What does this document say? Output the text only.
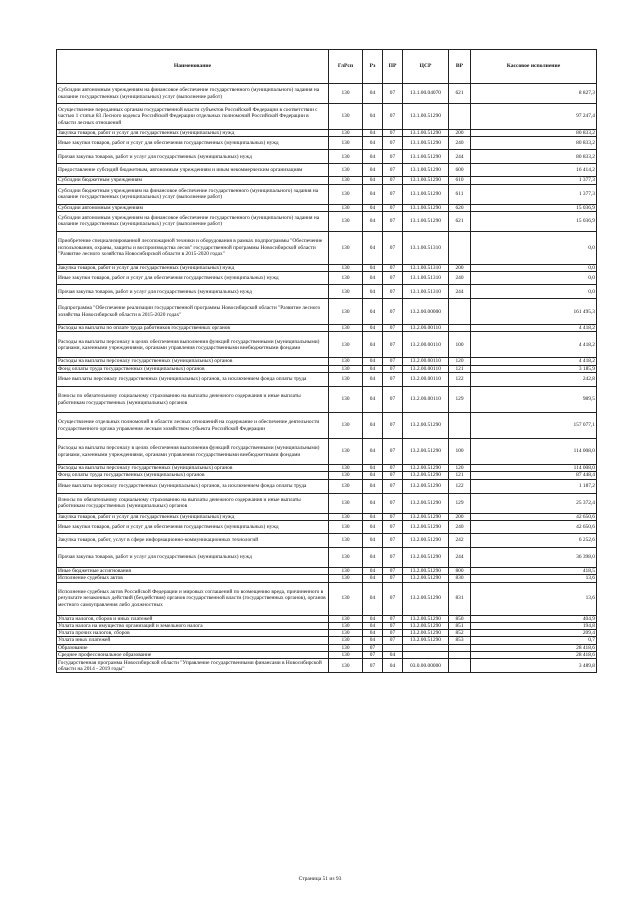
Наименование	ГлРсп	Рз	ПР	ЦСР	ВР	Кассовое исполнение
Субсидии автономным учреждениям на финансовое обеспечение государственного (муниципального) задания на оказание государственных (муниципальных) услуг (выполнение работ)	130	04	07	13.1.00.04070	621	8 827,3
Осуществление переданных органам государственной власти субъектов Российской Федерации в соответствии с частью 1 статьи 83 Лесного кодекса Российской Федерации отдельных полномочий Российской Федерации в области лесных отношений	130	04	07	13.1.00.51290		97 247,4
Закупка товаров, работ и услуг для государственных (муниципальных) нужд	130	04	07	13.1.00.51290	200	80 833,2
Иные закупки товаров, работ и услуг для обеспечения государственных (муниципальных) нужд	130	04	07	13.1.00.51290	240	80 833,2
Прочая закупка товаров, работ и услуг для государственных (муниципальных) нужд	130	04	07	13.1.00.51290	244	80 833,2
Предоставление субсидий бюджетным, автономным учреждениям и иным некоммерческим организациям	130	04	07	13.1.00.51290	600	16 414,2
Субсидии бюджетным учреждениям	130	04	07	13.1.00.51290	610	1 377,3
Субсидии бюджетным учреждениям на финансовое обеспечение государственного (муниципального) задания на оказание государственных (муниципальных) услуг (выполнение работ)	130	04	07	13.1.00.51290	611	1 377,3
Субсидии автономным учреждениям	130	04	07	13.1.00.51290	620	15 036,9
Субсидии автономным учреждениям на финансовое обеспечение государственного (муниципального) задания на оказание государственных (муниципальных) услуг (выполнение работ)	130	04	07	13.1.00.51290	621	15 036,9
Приобретение специализированной лесопожарной техники и оборудования в рамках подпрограммы "Обеспечение использования, охраны, защиты и воспроизводства лесов" государственной программы Новосибирской области "Развитие лесного хозяйства Новосибирской области в 2015-2020 годах"	130	04	07	13.1.00.51310		0,0
Закупка товаров, работ и услуг для государственных (муниципальных) нужд	130	04	07	13.1.00.51310	200	0,0
Иные закупки товаров, работ и услуг для обеспечения государственных (муниципальных) нужд	130	04	07	13.1.00.51310	240	0,0
Прочая закупка товаров, работ и услуг для государственных (муниципальных) нужд	130	04	07	13.1.00.51310	244	0,0
Подпрограмма "Обеспечение реализации государственной программы Новосибирской области "Развитие лесного хозяйства Новосибирской области в 2015-2020 годах"	130	04	07	13.2.00.00000		161 495,3
Расходы на выплаты по оплате труда работников государственных органов	130	04	07	13.2.00.00110		4 418,2
Расходы на выплаты персоналу в целях обеспечения выполнения функций государственными (муниципальными) органами, казенными учреждениями, органами управления государственными внебюджетными фондами	130	04	07	13.2.00.00110	100	4 418,2
Расходы на выплаты персоналу государственных (муниципальных) органов	130	04	07	13.2.00.00110	120	4 418,2
Фонд оплаты труда государственных (муниципальных) органов	130	04	07	13.2.00.00110	121	3 185,9
Иные выплаты персоналу государственных (муниципальных) органов, за исключением фонда оплаты труда	130	04	07	13.2.00.00110	122	242,8
Взносы по обязательному социальному страхованию на выплаты денежного содержания и иные выплаты работникам государственных (муниципальных) органов	130	04	07	13.2.00.00110	129	989,5
Осуществление отдельных полномочий в области лесных отношений на содержание и обеспечение деятельности государственного органа управления лесным хозяйством субъекта Российской Федерации	130	04	07	13.2.00.51290		157 077,1
Расходы на выплаты персоналу в целях обеспечения выполнения функций государственными (муниципальными) органами, казенными учреждениями, органами управления государственными внебюджетными фондами	130	04	07	13.2.00.51290	100	114 008,0
Расходы на выплаты персоналу государственных (муниципальных) органов	130	04	07	13.2.00.51290	120	114 008,0
Фонд оплаты труда государственных (муниципальных) органов	130	04	07	13.2.00.51290	121	87 448,4
Иные выплаты персоналу государственных (муниципальных) органов, за исключением фонда оплаты труда	130	04	07	13.2.00.51290	122	1 187,2
Взносы по обязательному социальному страхованию на выплаты денежного содержания и иные выплаты работникам государственных (муниципальных) органов	130	04	07	13.2.00.51290	129	25 372,4
Закупка товаров, работ и услуг для государственных (муниципальных) нужд	130	04	07	13.2.00.51290	200	42 650,6
Иные закупки товаров, работ и услуг для обеспечения государственных (муниципальных) нужд	130	04	07	13.2.00.51290	240	42 650,6
Закупка товаров, работ, услуг в сфере информационно-коммуникационных технологий	130	04	07	13.2.00.51290	242	6 252,6
Прочая закупка товаров, работ и услуг для государственных (муниципальных) нужд	130	04	07	13.2.00.51290	244	36 398,0
Иные бюджетные ассигнования	130	04	07	13.2.00.51290	800	418,5
Исполнение судебных актов	130	04	07	13.2.00.51290	830	13,6
Исполнение судебных актов Российской Федерации и мировых соглашений по возмещению вреда, причиненного в результате незаконных действий (бездействия) органов государственной власти (государственных органов), органов местного самоуправления либо должностных	130	04	07	13.2.00.51290	831	13,6
Уплата налогов, сборов и иных платежей	130	04	07	13.2.00.51290	850	404,9
Уплата налога на имущество организаций и земельного налога	130	04	07	13.2.00.51290	851	194,8
Уплата прочих налогов, сборов	130	04	07	13.2.00.51290	852	209,4
Уплата иных платежей	130	04	07	13.2.00.51290	853	0,7
Образование	130	07				28 418,6
Среднее профессиональное образование	130	07	04			28 418,6
Государственная программа Новосибирской области "Управление государственными финансами в Новосибирской области на 2014 - 2019 годы"	130	07	04	03.0.00.00000		3 489,8
Страница 51 из 93
